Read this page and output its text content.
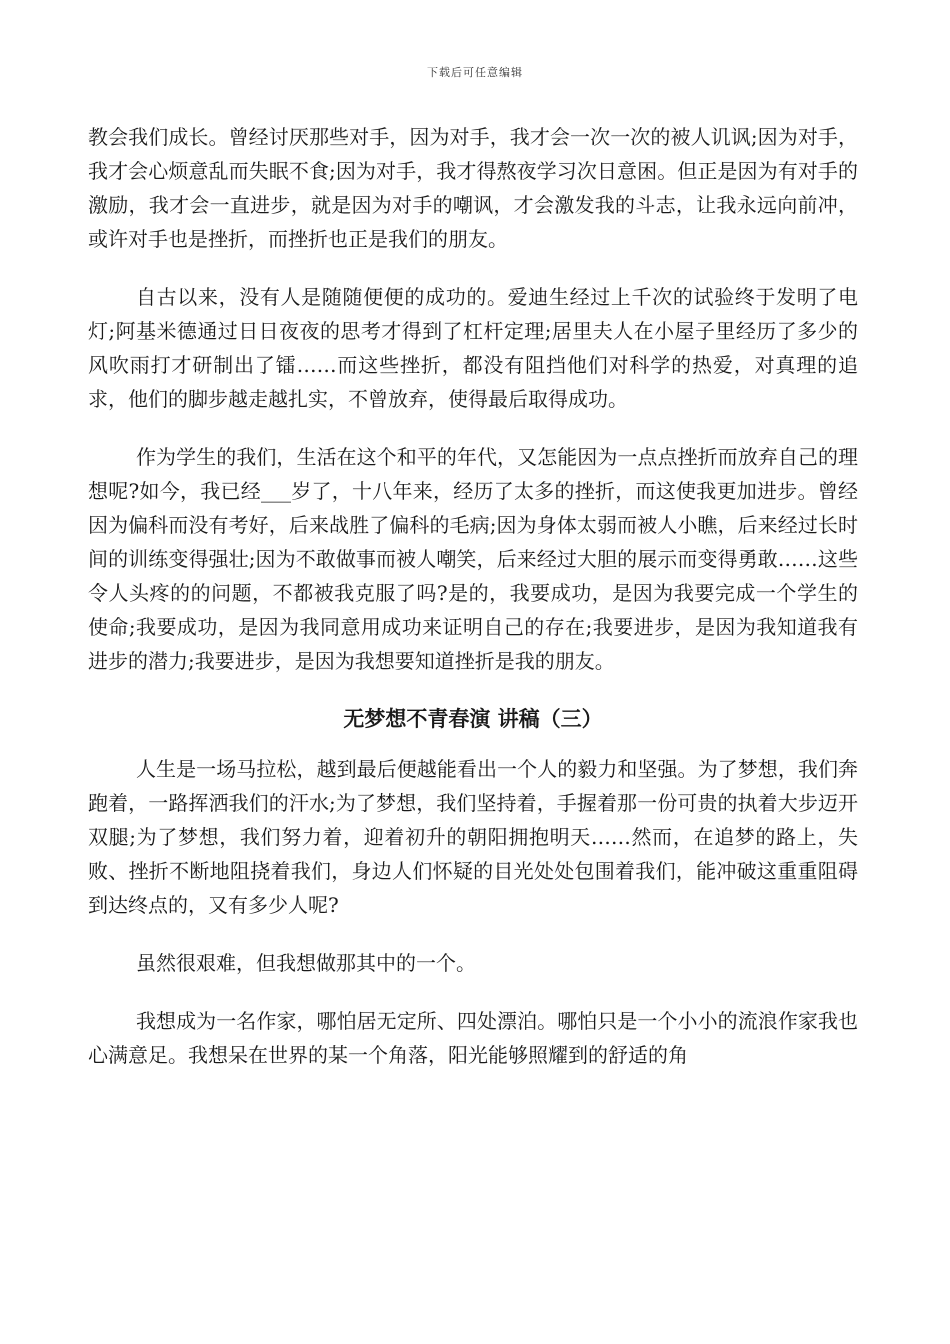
下载后可任意编辑

教会我们成长。曾经讨厌那些对手，因为对手，我才会一次一次的被人讥讽;因为对手，我才会心烦意乱而失眠不食;因为对手，我才得熬夜学习次日意困。但正是因为有对手的激励，我才会一直进步，就是因为对手的嘲讽，才会激发我的斗志，让我永远向前冲，或许对手也是挫折，而挫折也正是我们的朋友。

自古以来，没有人是随随便便的成功的。爱迪生经过上千次的试验终于发明了电灯;阿基米德通过日日夜夜的思考才得到了杠杆定理;居里夫人在小屋子里经历了多少的风吹雨打才研制出了镭……而这些挫折，都没有阻挡他们对科学的热爱，对真理的追求，他们的脚步越走越扎实，不曾放弃，使得最后取得成功。

作为学生的我们，生活在这个和平的年代，又怎能因为一点点挫折而放弃自己的理想呢?如今，我已经___岁了，十八年来，经历了太多的挫折，而这使我更加进步。曾经因为偏科而没有考好，后来战胜了偏科的毛病;因为身体太弱而被人小瞧，后来经过长时间的训练变得强壮;因为不敢做事而被人嘲笑，后来经过大胆的展示而变得勇敢……这些令人头疼的的问题，不都被我克服了吗?是的，我要成功，是因为我要完成一个学生的使命;我要成功，是因为我同意用成功来证明自己的存在;我要进步，是因为我知道我有进步的潜力;我要进步，是因为我想要知道挫折是我的朋友。

无梦想不青春演 讲稿（三）

人生是一场马拉松，越到最后便越能看出一个人的毅力和坚强。为了梦想，我们奔跑着，一路挥洒我们的汗水;为了梦想，我们坚持着，手握着那一份可贵的执着大步迈开双腿;为了梦想，我们努力着，迎着初升的朝阳拥抱明天……然而，在追梦的路上，失败、挫折不断地阻挠着我们，身边人们怀疑的目光处处包围着我们，能冲破这重重阻碍到达终点的，又有多少人呢?

虽然很艰难，但我想做那其中的一个。

我想成为一名作家，哪怕居无定所、四处漂泊。哪怕只是一个小小的流浪作家我也心满意足。我想呆在世界的某一个角落，阳光能够照耀到的舒适的角
